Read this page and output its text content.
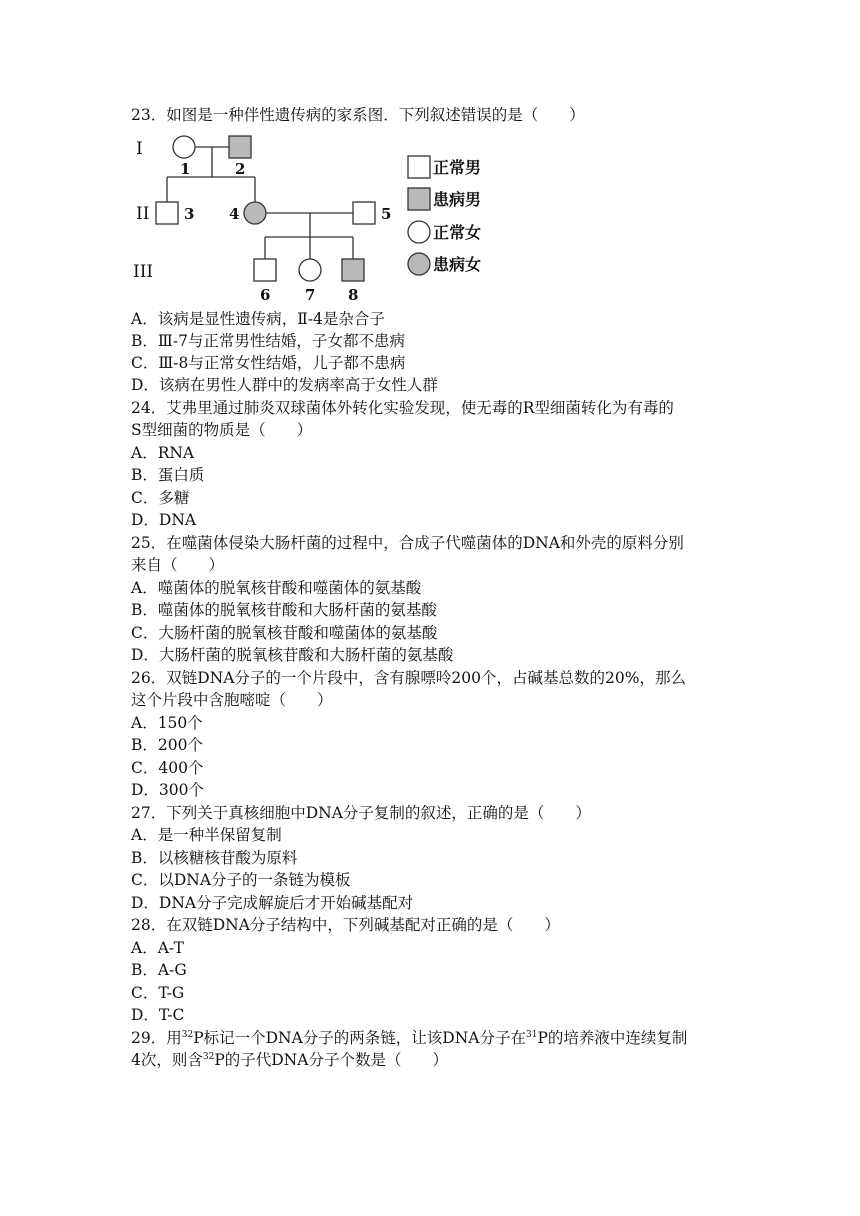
23．如图是一种伴性遗传病的家系图．下列叙述错误的是（　　）
I
II
III
1	2
3 4	5
6 7 8
正常男
患病男
正常女
患病女
A．该病是显性遗传病，Ⅱ-4是杂合子
B．Ⅲ-7与正常男性结婚，子女都不患病
C．Ⅲ-8与正常女性结婚，儿子都不患病
D．该病在男性人群中的发病率高于女性人群
24．艾弗里通过肺炎双球菌体外转化实验发现，使无毒的R型细菌转化为有毒的
S型细菌的物质是（　　）
A．RNA
B．蛋白质
C．多糖
D．DNA
25．在噬菌体侵染大肠杆菌的过程中，合成子代噬菌体的DNA和外壳的原料分别
来自（　　）
A．噬菌体的脱氧核苷酸和噬菌体的氨基酸
B．噬菌体的脱氧核苷酸和大肠杆菌的氨基酸
C．大肠杆菌的脱氧核苷酸和噬菌体的氨基酸
D．大肠杆菌的脱氧核苷酸和大肠杆菌的氨基酸
26．双链DNA分子的一个片段中，含有腺嘌呤200个，占碱基总数的20%，那么
这个片段中含胞嘧啶（　　）
A．150个
B．200个
C．400个
D．300个
27．下列关于真核细胞中DNA分子复制的叙述，正确的是（　　）
A．是一种半保留复制
B．以核糖核苷酸为原料
C．以DNA分子的一条链为模板
D．DNA分子完成解旋后才开始碱基配对
28．在双链DNA分子结构中，下列碱基配对正确的是（　　）
A．A-T
B．A-G
C．T-G
D．T-C
29．用$^{32}$P标记一个DNA分子的两条链，让该DNA分子在$^{31}$P的培养液中连续复制
4次，则含$^{32}$P的子代DNA分子个数是（　　）
